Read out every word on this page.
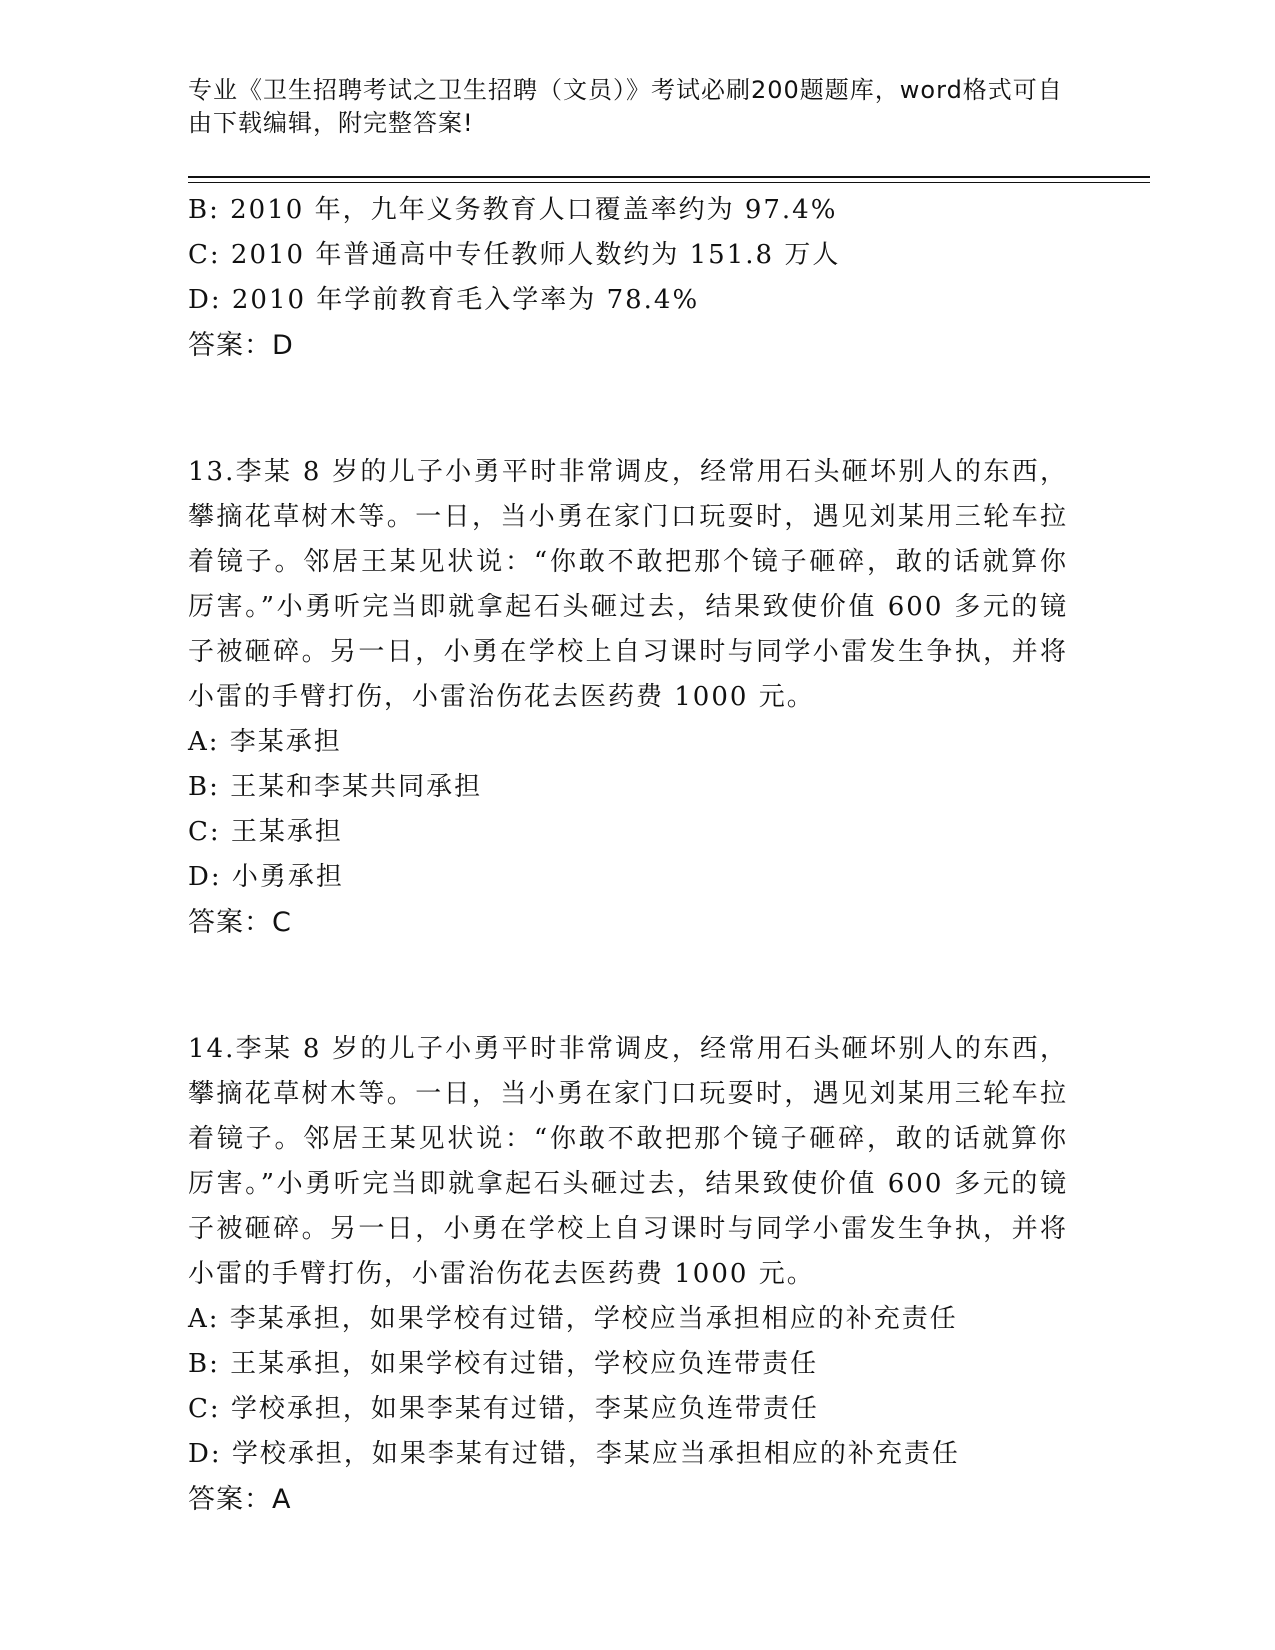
专业《卫生招聘考试之卫生招聘（文员）》考试必刷200题题库，word格式可自由下载编辑，附完整答案!
B: 2010 年，九年义务教育人口覆盖率约为 97.4%
C: 2010 年普通高中专任教师人数约为 151.8 万人
D: 2010 年学前教育毛入学率为 78.4%
答案：D

13.李某 8 岁的儿子小勇平时非常调皮，经常用石头砸坏别人的东西，攀摘花草树木等。一日，当小勇在家门口玩耍时，遇见刘某用三轮车拉着镜子。邻居王某见状说：“你敢不敢把那个镜子砸碎，敢的话就算你厉害。”小勇听完当即就拿起石头砸过去，结果致使价值 600 多元的镜子被砸碎。另一日，小勇在学校上自习课时与同学小雷发生争执，并将小雷的手臂打伤，小雷治伤花去医药费 1000 元。

A: 李某承担
B: 王某和李某共同承担
C: 王某承担
D: 小勇承担
答案：C

14.李某 8 岁的儿子小勇平时非常调皮，经常用石头砸坏别人的东西，攀摘花草树木等。一日，当小勇在家门口玩耍时，遇见刘某用三轮车拉着镜子。邻居王某见状说：“你敢不敢把那个镜子砸碎，敢的话就算你厉害。”小勇听完当即就拿起石头砸过去，结果致使价值 600 多元的镜子被砸碎。另一日，小勇在学校上自习课时与同学小雷发生争执，并将小雷的手臂打伤，小雷治伤花去医药费 1000 元。

A: 李某承担，如果学校有过错，学校应当承担相应的补充责任
B: 王某承担，如果学校有过错，学校应负连带责任
C: 学校承担，如果李某有过错，李某应负连带责任
D: 学校承担，如果李某有过错，李某应当承担相应的补充责任
答案：A
